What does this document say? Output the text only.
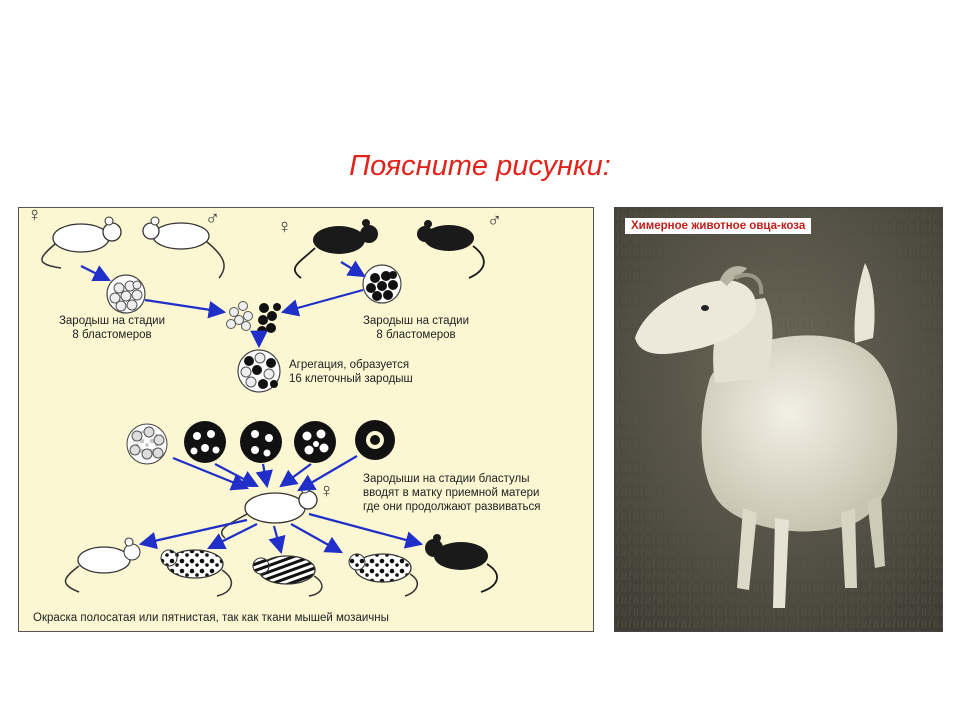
Поясните рисунки:
♀	♂	♀	♂
♀
Зародыш на стадии
8 бластомеров
Зародыш на стадии
8 бластомеров
Агрегация, образуется
16 клеточный зародыш
Зародыши на стадии бластулы
вводят в матку приемной матери
где они продолжают развиваться
Окраска полосатая или пятнистая, так как ткани мышей мозаичны
Химерное животное овца-коза
